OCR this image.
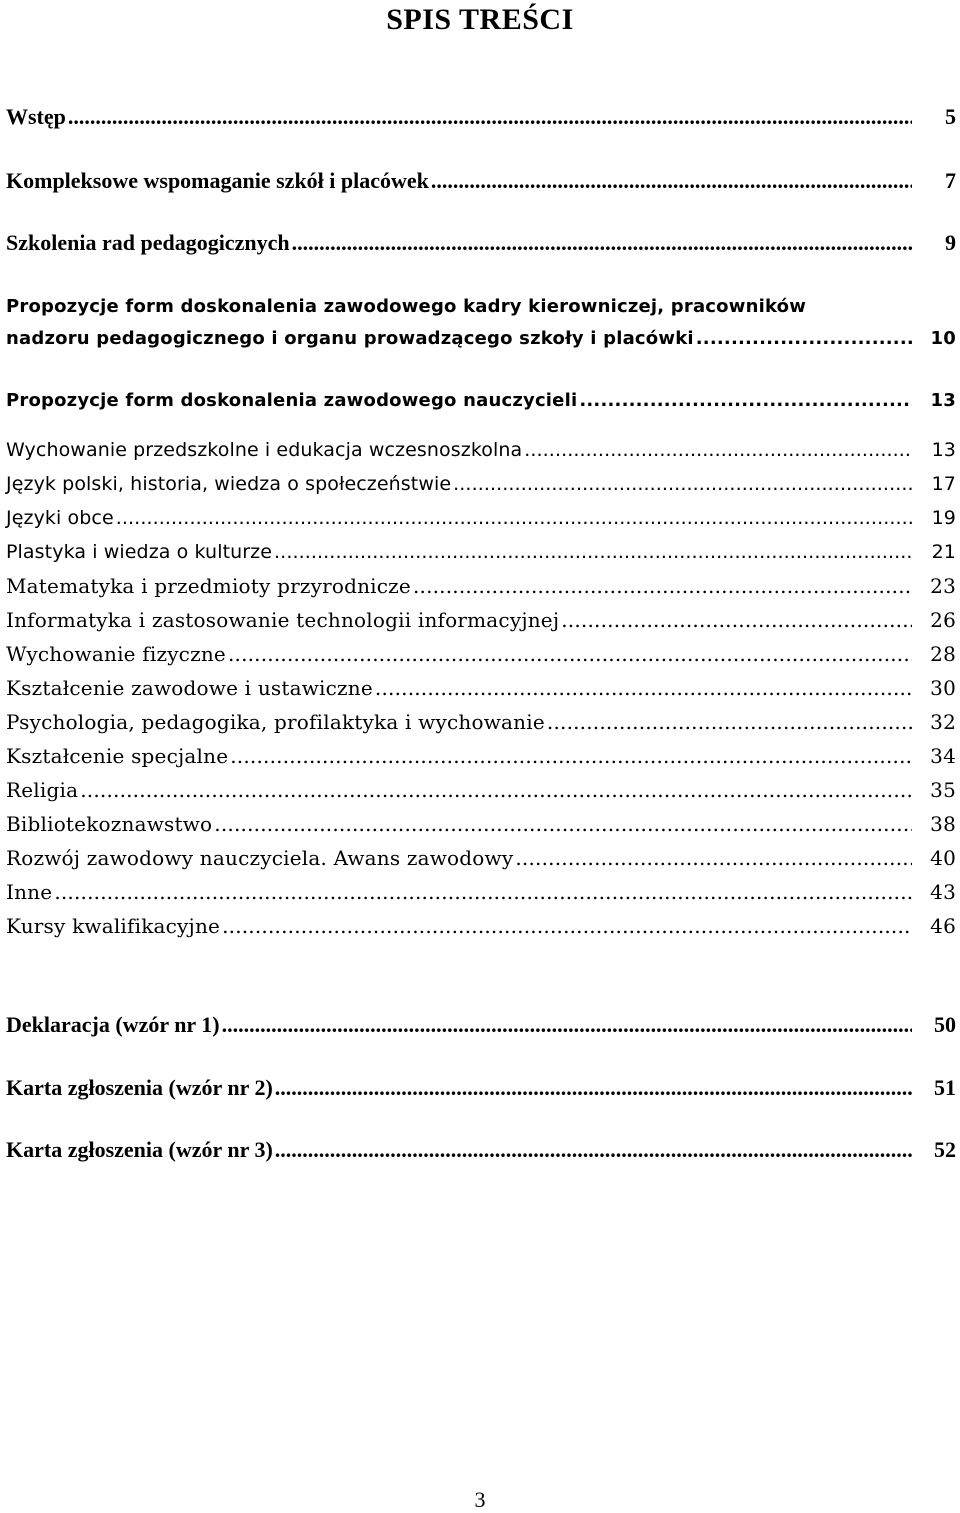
SPIS TREŚCI
Wstęp .....	5
Kompleksowe wspomaganie szkół i placówek .....	7
Szkolenia rad pedagogicznych .....	9
Propozycje form doskonalenia zawodowego kadry kierowniczej, pracowników
nadzoru pedagogicznego i organu prowadzącego szkoły i placówki .....	10
Propozycje form doskonalenia zawodowego nauczycieli .....	13
Wychowanie przedszkolne i edukacja wczesnoszkolna .....	13
Język polski, historia, wiedza o społeczeństwie .....	17
Języki obce .....	19
Plastyka i wiedza o kulturze .....	21
Matematyka i przedmioty przyrodnicze .....	23
Informatyka i zastosowanie technologii informacyjnej .....	26
Wychowanie fizyczne .....	28
Kształcenie zawodowe i ustawiczne .....	30
Psychologia, pedagogika, profilaktyka i wychowanie .....	32
Kształcenie specjalne .....	34
Religia .....	35
Bibliotekoznawstwo .....	38
Rozwój zawodowy nauczyciela. Awans zawodowy .....	40
Inne .....	43
Kursy kwalifikacyjne .....	46
Deklaracja (wzór nr 1) .....	50
Karta zgłoszenia (wzór nr 2) .....	51
Karta zgłoszenia (wzór nr 3) .....	52
3
